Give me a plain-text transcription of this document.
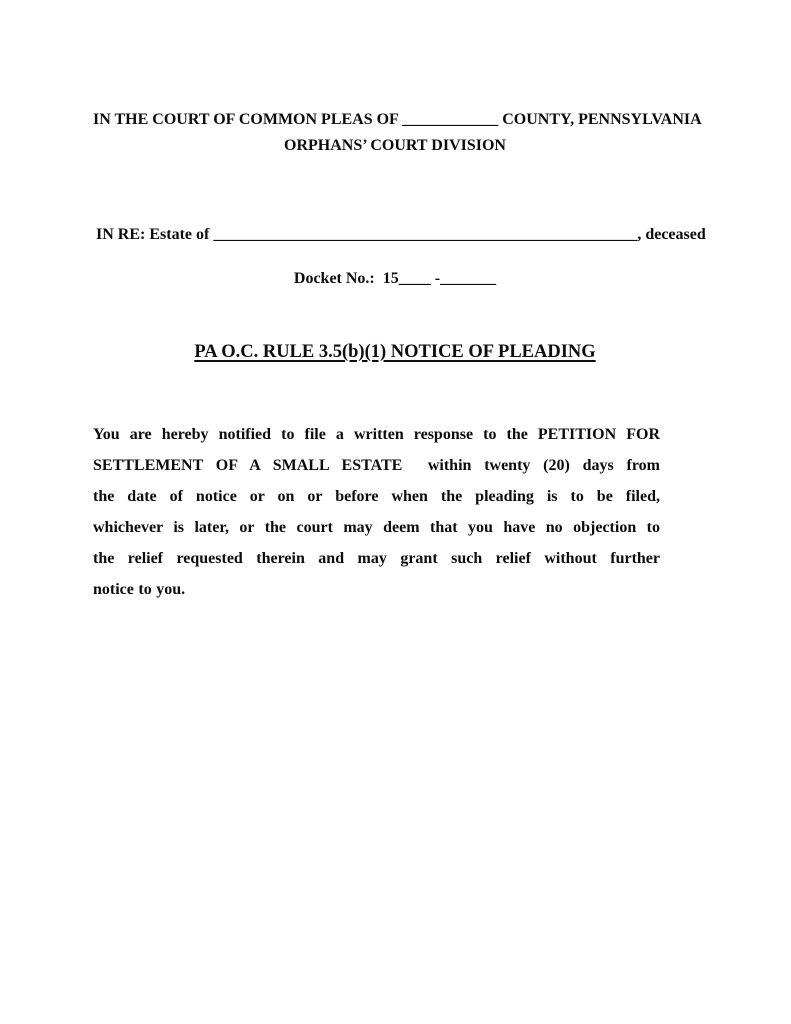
IN THE COURT OF COMMON PLEAS OF ____________ COUNTY, PENNSYLVANIA
ORPHANS’ COURT DIVISION
IN RE: Estate of _____________________________________________________, deceased
Docket No.:  15____ -_______
PA O.C. RULE 3.5(b)(1) NOTICE OF PLEADING
You are hereby notified to file a written response to the PETITION FOR
SETTLEMENT OF A SMALL ESTATE  within twenty (20) days from
the date of notice or on or before when the pleading is to be filed,
whichever is later, or the court may deem that you have no objection to
the relief requested therein and may grant such relief without further
notice to you.
